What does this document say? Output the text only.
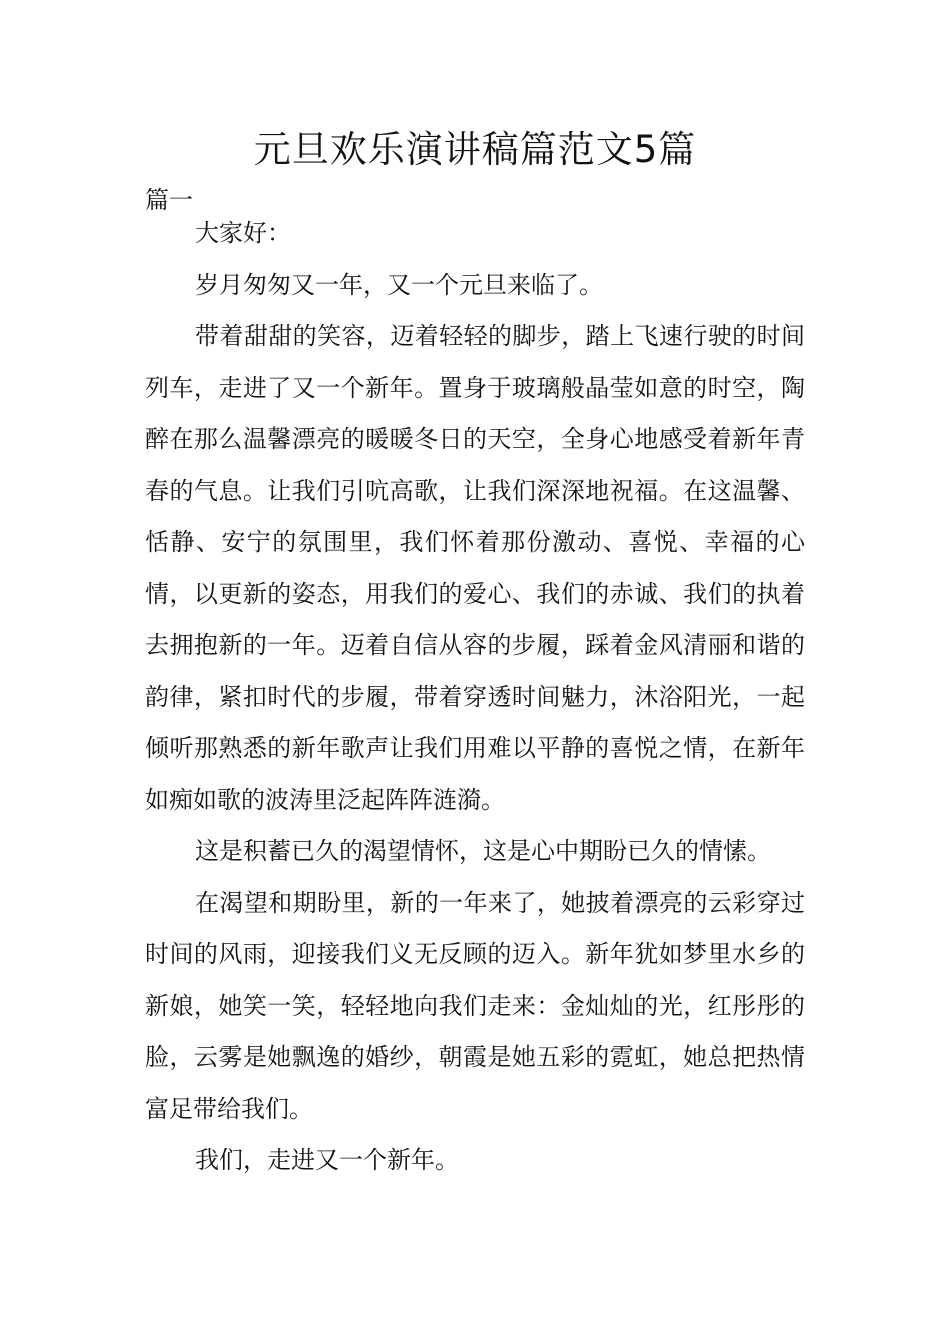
元旦欢乐演讲稿篇范文5篇
篇一

大家好：

岁月匆匆又一年，又一个元旦来临了。

带着甜甜的笑容，迈着轻轻的脚步，踏上飞速行驶的时间列车，走进了又一个新年。置身于玻璃般晶莹如意的时空，陶醉在那么温馨漂亮的暖暖冬日的天空，全身心地感受着新年青春的气息。让我们引吭高歌，让我们深深地祝福。在这温馨、恬静、安宁的氛围里，我们怀着那份激动、喜悦、幸福的心情，以更新的姿态，用我们的爱心、我们的赤诚、我们的执着去拥抱新的一年。迈着自信从容的步履，踩着金风清丽和谐的韵律，紧扣时代的步履，带着穿透时间魅力，沐浴阳光，一起倾听那熟悉的新年歌声让我们用难以平静的喜悦之情，在新年如痴如歌的波涛里泛起阵阵涟漪。

这是积蓄已久的渴望情怀，这是心中期盼已久的情愫。

在渴望和期盼里，新的一年来了，她披着漂亮的云彩穿过时间的风雨，迎接我们义无反顾的迈入。新年犹如梦里水乡的新娘，她笑一笑，轻轻地向我们走来：金灿灿的光，红彤彤的脸，云雾是她飘逸的婚纱，朝霞是她五彩的霓虹，她总把热情富足带给我们。

我们，走进又一个新年。
